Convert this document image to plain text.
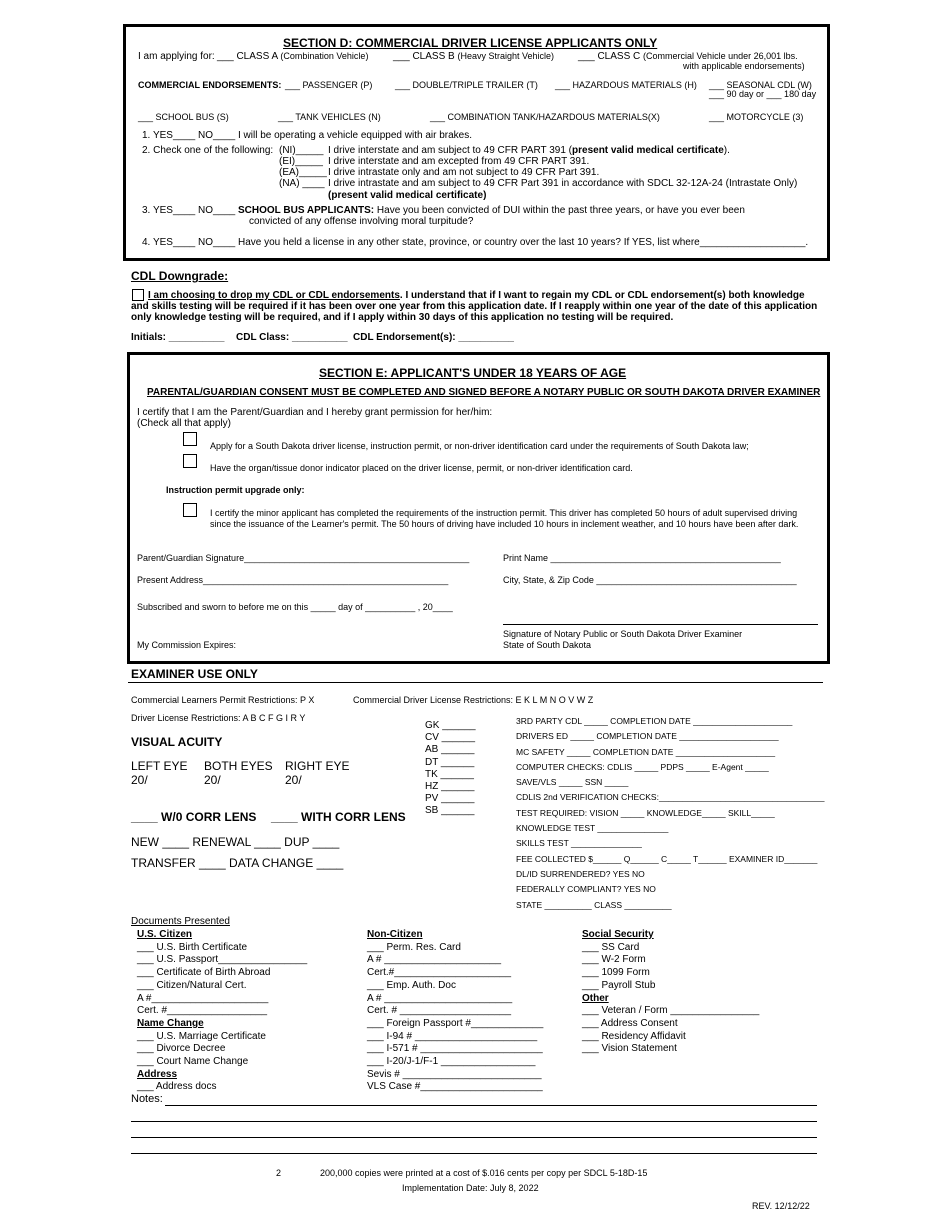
SECTION D: COMMERCIAL DRIVER LICENSE APPLICANTS ONLY
I am applying for: ___ CLASS A (Combination Vehicle) ___ CLASS B (Heavy Straight Vehicle) ___ CLASS C (Commercial Vehicle under 26,001 lbs.
with applicable endorsements)
COMMERCIAL ENDORSEMENTS: ___ PASSENGER (P)	___ DOUBLE/TRIPLE TRAILER (T) ___ HAZARDOUS MATERIALS (H) ___ SEASONAL CDL (W)
___ 90 day or ___ 180 day
___ SCHOOL BUS (S)	___ TANK VEHICLES (N)	___ COMBINATION TANK/HAZARDOUS MATERIALS(X)	___ MOTORCYCLE (3)
1. YES____ NO____ I will be operating a vehicle equipped with air brakes.
2. Check one of the following: (NI)_____ I drive interstate and am subject to 49 CFR PART 391 (present valid medical certificate).
(EI)_____ I drive interstate and am excepted from 49 CFR PART 391.
(EA)_____ I drive intrastate only and am not subject to 49 CFR Part 391.
(NA) ____ I drive intrastate and am subject to 49 CFR Part 391 in accordance with SDCL 32-12A-24 (Intrastate Only)
(present valid medical certificate)
3. YES____ NO____ SCHOOL BUS APPLICANTS: Have you been convicted of DUI within the past three years, or have you ever been
convicted of any offense involving moral turpitude?
4. YES____ NO____ Have you held a license in any other state, province, or country over the last 10 years? If YES, list where___________________.
CDL Downgrade:
I am choosing to drop my CDL or CDL endorsements. I understand that if I want to regain my CDL or CDL endorsement(s) both knowledge and skills testing will be required if it has been over one year from this application date. If I reapply within one year of the date of this application only knowledge testing will be required, and if I apply within 30 days of this application no testing will be required.
Initials: __________ CDL Class: __________ CDL Endorsement(s): __________
SECTION E: APPLICANT'S UNDER 18 YEARS OF AGE
PARENTAL/GUARDIAN CONSENT MUST BE COMPLETED AND SIGNED BEFORE A NOTARY PUBLIC OR SOUTH DAKOTA DRIVER EXAMINER
I certify that I am the Parent/Guardian and I hereby grant permission for her/him:
(Check all that apply)
Apply for a South Dakota driver license, instruction permit, or non-driver identification card under the requirements of South Dakota law;
Have the organ/tissue donor indicator placed on the driver license, permit, or non-driver identification card.
Instruction permit upgrade only:
I certify the minor applicant has completed the requirements of the instruction permit. This driver has completed 50 hours of adult supervised driving since the issuance of the Learner's permit. The 50 hours of driving have included 10 hours in inclement weather, and 10 hours have been after dark.
Parent/Guardian Signature_____________________________________________	Print Name ______________________________________________
Present Address_________________________________________________	City, State, & Zip Code ________________________________________
Subscribed and sworn to before me on this _____ day of __________ , 20____
My Commission Expires:
Signature of Notary Public or South Dakota Driver Examiner
State of South Dakota
EXAMINER USE ONLY
Commercial Learners Permit Restrictions: P X	Commercial Driver License Restrictions: E K L M N O V W Z
Driver License Restrictions: A B C F G I R Y
VISUAL ACUITY
LEFT EYE BOTH EYES RIGHT EYE
20/	20/	20/
____ W/0 CORR LENS ____ WITH CORR LENS
NEW ____ RENEWAL ____ DUP ____
TRANSFER ____ DATA CHANGE ____
GK ______
CV ______
AB ______
DT ______
TK ______
HZ ______
PV ______
SB ______
3RD PARTY CDL _____ COMPLETION DATE _____________________
DRIVERS ED _____ COMPLETION DATE _____________________
MC SAFETY _____ COMPLETION DATE _____________________
COMPUTER CHECKS: CDLIS _____ PDPS _____ E-Agent _____
SAVE/VLS _____ SSN _____
CDLIS 2nd VERIFICATION CHECKS:___________________________________
TEST REQUIRED: VISION _____ KNOWLEDGE_____ SKILL_____
KNOWLEDGE TEST _______________
SKILLS TEST _______________
FEE COLLECTED $______ Q______ C_____ T______ EXAMINER ID_______
DL/ID SURRENDERED? YES NO
FEDERALLY COMPLIANT? YES NO
STATE __________ CLASS __________
Documents Presented
U.S. Citizen
___ U.S. Birth Certificate
___ U.S. Passport________________
___ Certificate of Birth Abroad
___ Citizen/Natural Cert.
A #_____________________
Cert. #__________________
Name Change
___ U.S. Marriage Certificate
___ Divorce Decree
___ Court Name Change
Address
___ Address docs
Non-Citizen
___ Perm. Res. Card
A # _____________________
Cert.#_____________________
___ Emp. Auth. Doc
A # _______________________
Cert. # ____________________
___ Foreign Passport #_____________
___ I-94 # ______________________
___ I-571 # ______________________
___ I-20/J-1/F-1 _________________
Sevis # _________________________
VLS Case #______________________
Social Security
___ SS Card
___ W-2 Form
___ 1099 Form
___ Payroll Stub
Other
___ Veteran / Form ________________
___ Address Consent
___ Residency Affidavit
___ Vision Statement
Notes:
2	200,000 copies were printed at a cost of $.016 cents per copy per SDCL 5-18D-15
Implementation Date: July 8, 2022
REV. 12/12/22
